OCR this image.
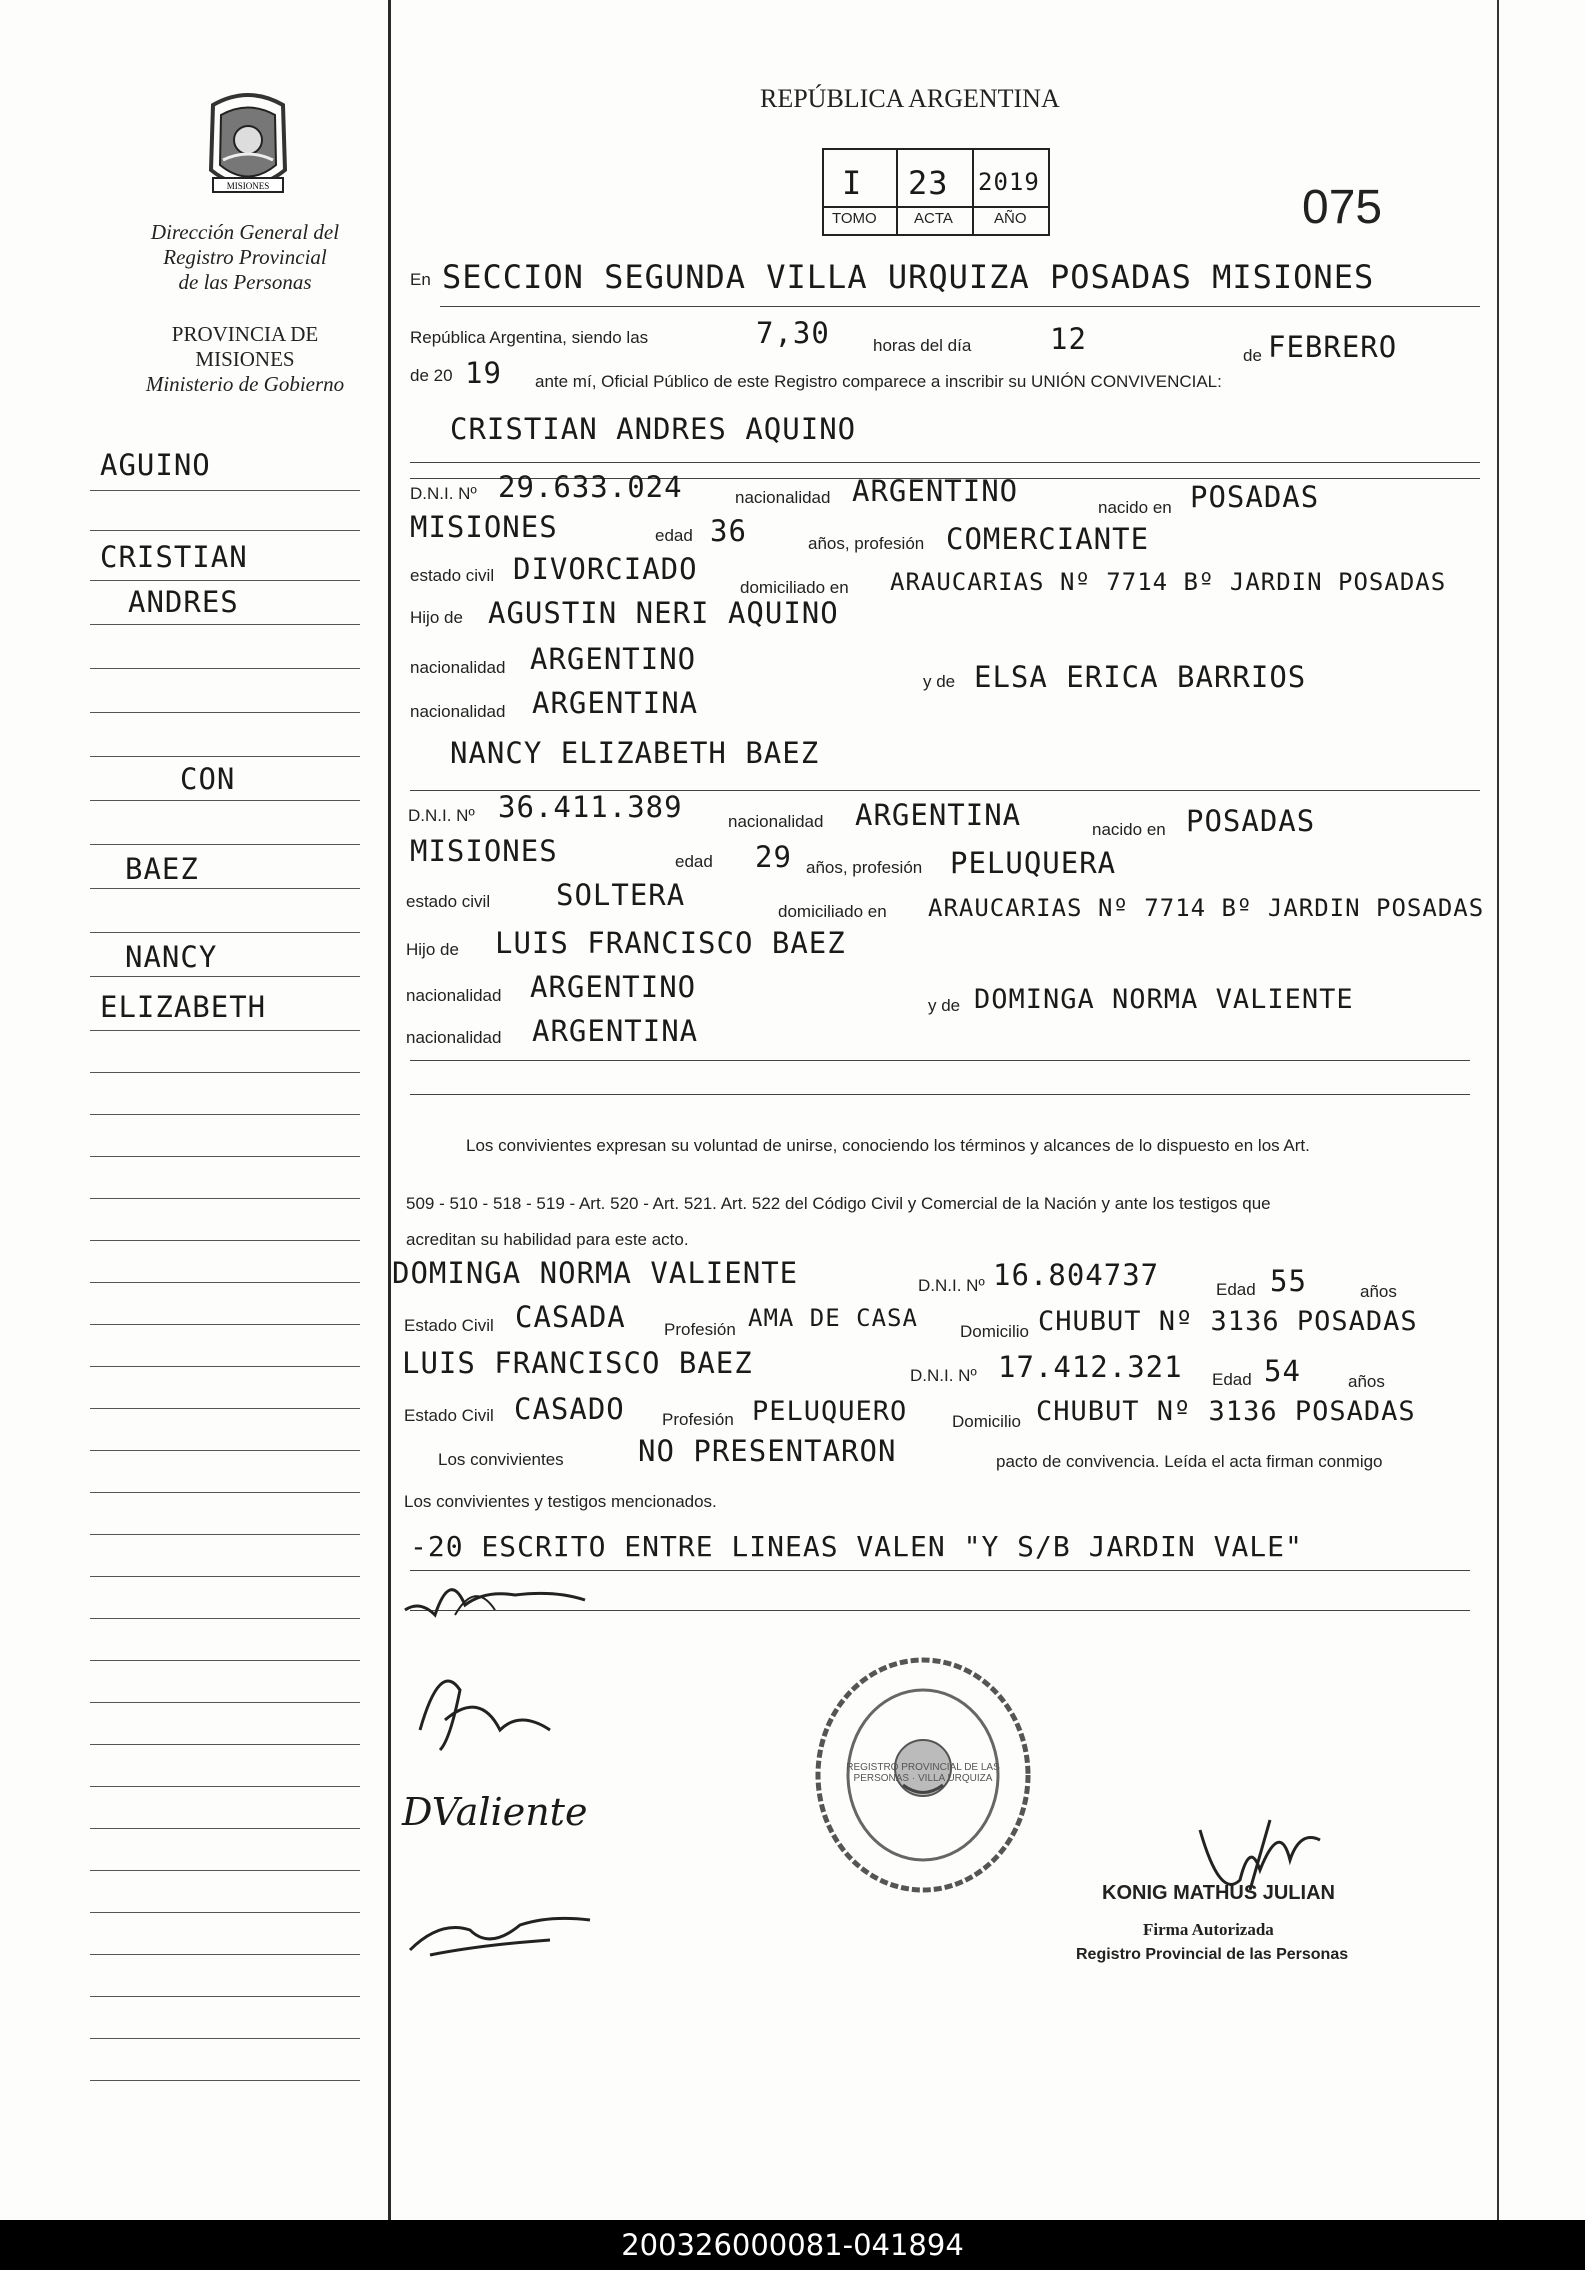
MISIONES
Dirección General del
Registro Provincial
de las Personas
PROVINCIA DE
MISIONES
Ministerio de Gobierno
AGUINO
CRISTIAN
ANDRES
CON
BAEZ
NANCY
ELIZABETH
REPÚBLICA ARGENTINA
I 23 2019
TOMO ACTA	AÑO	075
En SECCION SEGUNDA VILLA URQUIZA POSADAS MISIONES
República Argentina, siendo las	7,30	horas del día	12	de FEBRERO
de 20 19 ante mí, Oficial Público de este Registro comparece a inscribir su UNIÓN CONVIVENCIAL:
CRISTIAN ANDRES AQUINO
D.N.I. Nº 29.633.024	nacionalidad ARGENTINO	nacido en POSADAS
MISIONES	edad 36	años, profesión COMERCIANTE
estado civil DIVORCIADO
domiciliado en ARAUCARIAS Nº 7714 Bº JARDIN POSADAS
Hijo de AGUSTIN NERI AQUINO
nacionalidad ARGENTINO
y de ELSA ERICA BARRIOS
nacionalidad ARGENTINA
NANCY ELIZABETH BAEZ
D.N.I. Nº 36.411.389	nacionalidad ARGENTINA	nacido en POSADAS
MISIONES	edad 29 años, profesión PELUQUERA
estado civil SOLTERA	domiciliado en ARAUCARIAS Nº 7714 Bº JARDIN POSADAS
Hijo de LUIS FRANCISCO BAEZ
nacionalidad ARGENTINO
y de DOMINGA NORMA VALIENTE
nacionalidad ARGENTINA
Los convivientes expresan su voluntad de unirse, conociendo los términos y alcances de lo dispuesto en los Art.
509 - 510 - 518 - 519 - Art. 520 - Art. 521. Art. 522 del Código Civil y Comercial de la Nación y ante los testigos que
acreditan su habilidad para este acto.
DOMINGA NORMA VALIENTE	D.N.I. Nº 16.804737	Edad 55	años
Estado Civil CASADA Profesión AMA DE CASA Domicilio CHUBUT Nº 3136 POSADAS
LUIS FRANCISCO BAEZ	D.N.I. Nº 17.412.321 Edad 54	años
Estado Civil CASADO Profesión PELUQUERO	Domicilio CHUBUT Nº 3136 POSADAS
Los convivientes	NO PRESENTARON	pacto de convivencia. Leída el acta firman conmigo
Los convivientes y testigos mencionados.
-20 ESCRITO ENTRE LINEAS VALEN "Y S/B JARDIN VALE"
DValiente
REGISTRO PROVINCIAL DE LAS PERSONAS · VILLA URQUIZA
KONIG MATHUS JULIAN
Firma Autorizada
Registro Provincial de las Personas
200326000081-041894
